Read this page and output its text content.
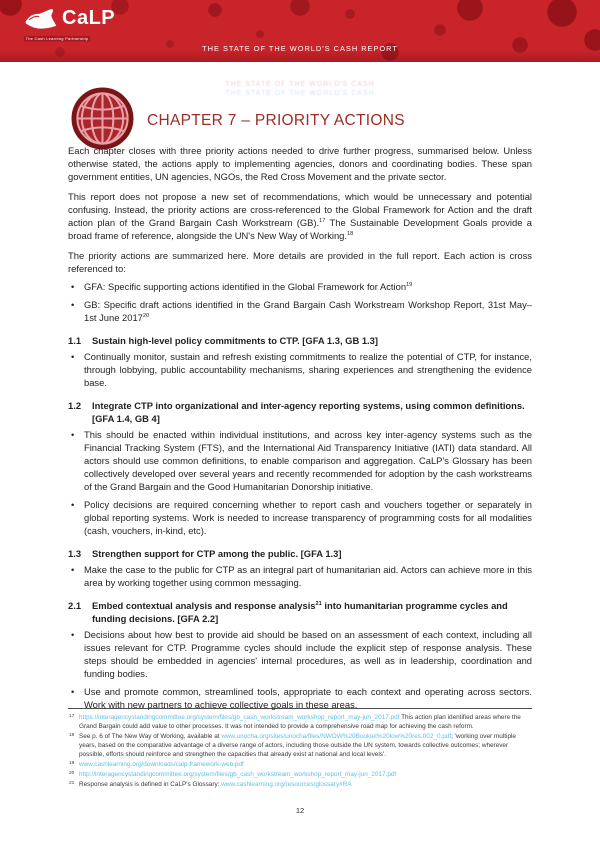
CaLP
The Cash Learning Partnership
THE STATE OF THE WORLD'S CASH REPORT
THE STATE OF THE WORLD'S CASH
THE STATE OF THE WORLD'S CASH
CHAPTER 7 – PRIORITY ACTIONS

Each chapter closes with three priority actions needed to drive further progress, summarised below. Unless otherwise stated, the actions apply to implementing agencies, donors and coordinating bodies. These span government entities, UN agencies, NGOs, the Red Cross Movement and the private sector.

This report does not propose a new set of recommendations, which would be unnecessary and potential confusing. Instead, the priority actions are cross-referenced to the Global Framework for Action and the draft action plan of the Grand Bargain Cash Workstream (GB).$^{17}$ The Sustainable Development Goals provide a broad frame of reference, alongside the UN's New Way of Working.$^{18}$

The priority actions are summarized here. More details are provided in the full report. Each action is cross referenced to:

• GFA: Specific supporting actions identified in the Global Framework for Action$^{19}$
• GB: Specific draft actions identified in the Grand Bargain Cash Workstream Workshop Report, 31st May–1st June 2017$^{20}$
1.1	Sustain high-level policy commitments to CTP. [GFA 1.3, GB 1.3]
• Continually monitor, sustain and refresh existing commitments to realize the potential of CTP, for instance, through lobbying, public accountability mechanisms, sharing experiences and strengthening the evidence base.
1.2	Integrate CTP into organizational and inter-agency reporting systems, using common definitions. [GFA 1.4, GB 4]
• This should be enacted within individual institutions, and across key inter-agency systems such as the Financial Tracking System (FTS), and the International Aid Transparency Initiative (IATI) data standard. All actors should use common definitions, to enable comparison and aggregation. CaLP's Glossary has been collectively developed over several years and recently recommended for adoption by the cash workstreams of the Grand Bargain and the Good Humanitarian Donorship initiative.
• Policy decisions are required concerning whether to report cash and vouchers together or separately in global reporting systems. Work is needed to increase transparency of programming costs for all modalities (cash, vouchers, in-kind, etc).
1.3	Strengthen support for CTP among the public. [GFA 1.3]
• Make the case to the public for CTP as an integral part of humanitarian aid. Actors can achieve more in this area by working together using common messaging.
2.1	Embed contextual analysis and response analysis$^{21}$ into humanitarian programme cycles and funding decisions. [GFA 2.2]
• Decisions about how best to provide aid should be based on an assessment of each context, including all issues relevant for CTP. Programme cycles should include the explicit step of response analysis. These steps should be embedded in agencies' internal procedures, as well as in leadership, coordination and funding bodies.
• Use and promote common, streamlined tools, appropriate to each context and operating across sectors. Work with new partners to achieve collective goals in these areas.
17 https://interagencystandingcommittee.org/system/files/gb_cash_workstream_workshop_report_may-jun_2017.pdf This action plan identified areas where the Grand Bargain could add value to other processes. It was not intended to provide a comprehensive road map for achieving the cash reform.
18 See p. 6 of The New Way of Working, available at www.unocha.org/sites/unocha/files/NWOW%20Booklet%20low%20res.002_0.pdf; 'working over multiple years, based on the comparative advantage of a diverse range of actors, including those outside the UN system, towards collective outcomes; wherever possible, efforts should reinforce and strengthen the capacities that already exist at national and local levels'.
19 www.cashlearning.org/downloads/calp-framework-web.pdf
20 http://interagencystandingcommittee.org/system/files/gb_cash_workstream_workshop_report_may-jun_2017.pdf
21 Response analysis is defined in CaLP's Glossary: www.cashlearning.org/resources/glossary#RA
12
